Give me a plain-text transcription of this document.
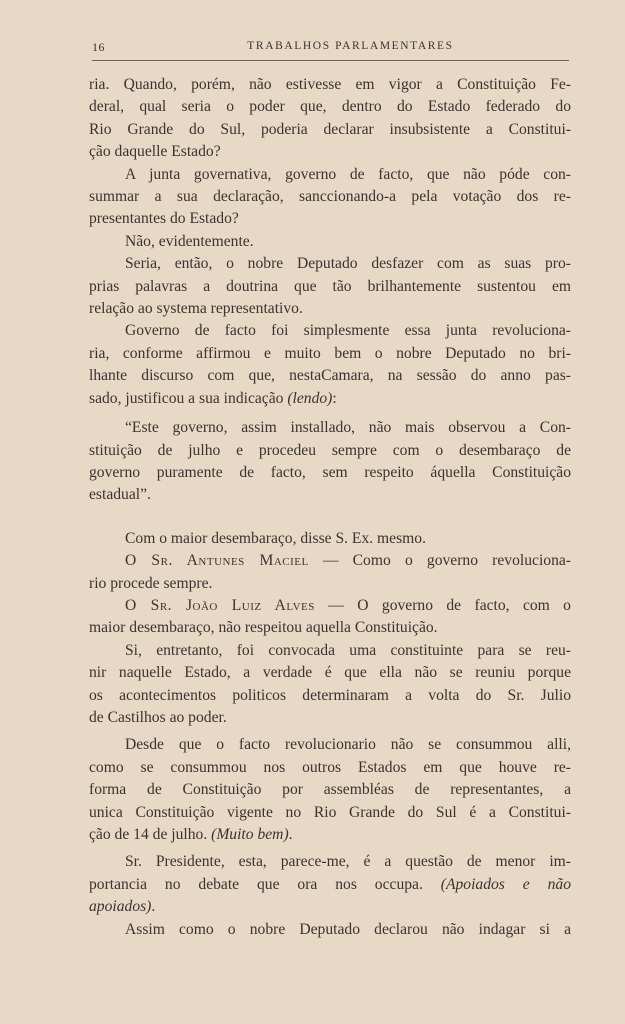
16	TRABALHOS PARLAMENTARES

ria. Quando, porém, não estivesse em vigor a Constituição Fe-
deral, qual seria o poder que, dentro do Estado federado do
Rio Grande do Sul, poderia declarar insubsistente a Constitui-
ção daquelle Estado?

A junta governativa, governo de facto, que não póde con-
summar a sua declaração, sanccionando-a pela votação dos re-
presentantes do Estado?

Não, evidentemente.

Seria, então, o nobre Deputado desfazer com as suas pro-
prias palavras a doutrina que tão brilhantemente sustentou em
relação ao systema representativo.

Governo de facto foi simplesmente essa junta revoluciona-
ria, conforme affirmou e muito bem o nobre Deputado no bri-
lhante discurso com que, nestaCamara, na sessão do anno pas-
sado, justificou a sua indicação (lendo):

“Este governo, assim installado, não mais observou a Con-
stituição de julho e procedeu sempre com o desembaraço de
governo puramente de facto, sem respeito áquella Constituição
estadual”.

Com o maior desembaraço, disse S. Ex. mesmo.

O Sr. Antunes Maciel — Como o governo revoluciona-
rio procede sempre.

O Sr. João Luiz Alves — O governo de facto, com o
maior desembaraço, não respeitou aquella Constituição.

Si, entretanto, foi convocada uma constituinte para se reu-
nir naquelle Estado, a verdade é que ella não se reuniu porque
os acontecimentos politicos determinaram a volta do Sr. Julio
de Castilhos ao poder.

Desde que o facto revolucionario não se consummou alli,
como se consummou nos outros Estados em que houve re-
forma de Constituição por assembléas de representantes, a
unica Constituição vigente no Rio Grande do Sul é a Constitui-
ção de 14 de julho. (Muito bem).

Sr. Presidente, esta, parece-me, é a questão de menor im-
portancia no debate que ora nos occupa. (Apoiados e não
apoiados).

Assim como o nobre Deputado declarou não indagar si a
